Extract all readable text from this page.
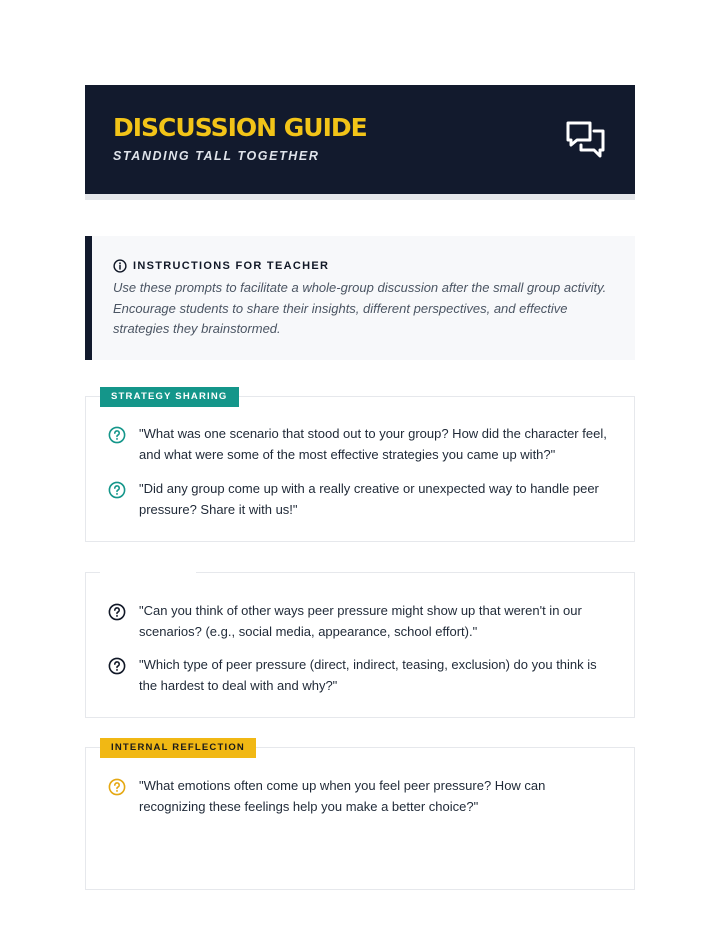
DISCUSSION GUIDE
STANDING TALL TOGETHER
INSTRUCTIONS FOR TEACHER
Use these prompts to facilitate a whole-group discussion after the small group activity. Encourage students to share their insights, different perspectives, and effective strategies they brainstormed.
STRATEGY SHARING
"What was one scenario that stood out to your group? How did the character feel, and what were some of the most effective strategies you came up with?"
"Did any group come up with a really creative or unexpected way to handle peer pressure? Share it with us!"
"Can you think of other ways peer pressure might show up that weren't in our scenarios? (e.g., social media, appearance, school effort)."
"Which type of peer pressure (direct, indirect, teasing, exclusion) do you think is the hardest to deal with and why?"
INTERNAL REFLECTION
"What emotions often come up when you feel peer pressure? How can recognizing these feelings help you make a better choice?"
